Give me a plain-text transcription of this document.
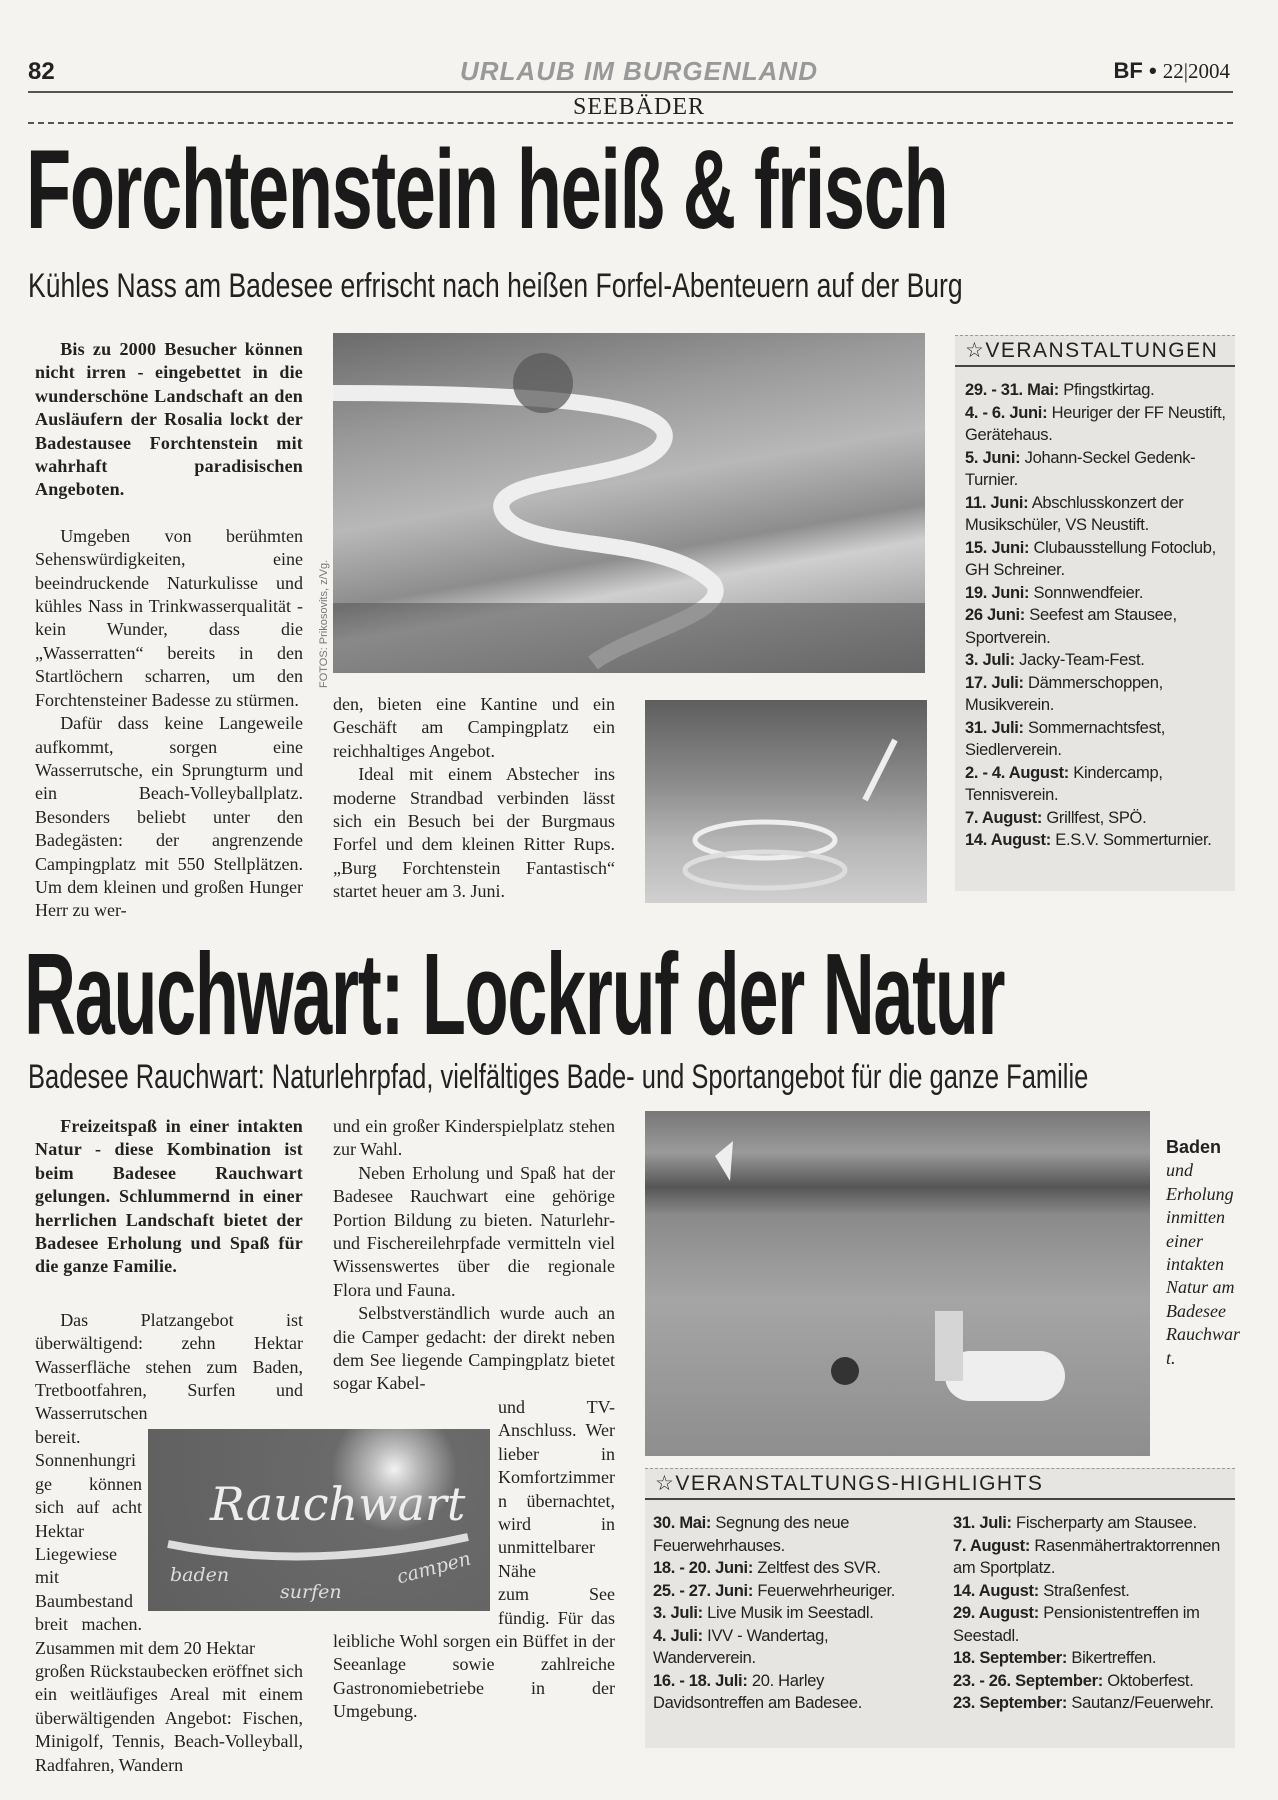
82	URLAUB IM BURGENLAND	BF • 22|2004
SEEBÄDER
Forchtenstein heiß & frisch
Kühles Nass am Badesee erfrischt nach heißen Forfel-Abenteuern auf der Burg

Bis zu 2000 Besucher können nicht irren - eingebettet in die wunderschöne Landschaft an den Ausläufern der Rosalia lockt der Badestausee Forchtenstein mit wahrhaft paradisischen Angeboten.

Umgeben von berühmten Sehenswürdigkeiten, eine beeindruckende Naturkulisse und kühles Nass in Trinkwasserqualität - kein Wunder, dass die „Wasserratten“ bereits in den Startlöchern scharren, um den Forchtensteiner Badesse zu stürmen.

Dafür dass keine Langeweile aufkommt, sorgen eine Wasserrutsche, ein Sprungturm und ein Beach-Volleyballplatz. Besonders beliebt unter den Badegästen: der angrenzende Campingplatz mit 550 Stellplätzen. Um dem kleinen und großen Hunger Herr zu wer-

FOTOS: Prikosovits, z/Vg.

den, bieten eine Kantine und ein Geschäft am Campingplatz ein reichhaltiges Angebot.

Ideal mit einem Abstecher ins moderne Strandbad verbinden lässt sich ein Besuch bei der Burgmaus Forfel und dem kleinen Ritter Rups. „Burg Forchtenstein Fantastisch“ startet heuer am 3. Juni.

☆VERANSTALTUNGEN
29. - 31. Mai: Pfingstkirtag.
4. - 6. Juni: Heuriger der FF Neustift, Gerätehaus.
5. Juni: Johann-Seckel Gedenk-Turnier.
11. Juni: Abschlusskonzert der Musikschüler, VS Neustift.
15. Juni: Clubausstellung Fotoclub, GH Schreiner.
19. Juni: Sonnwendfeier.
26 Juni: Seefest am Stausee, Sportverein.
3. Juli: Jacky-Team-Fest.
17. Juli: Dämmerschoppen, Musikverein.
31. Juli: Sommernachtsfest, Siedlerverein.
2. - 4. August: Kindercamp, Tennisverein.
7. August: Grillfest, SPÖ.
14. August: E.S.V. Sommerturnier.
Rauchwart: Lockruf der Natur
Badesee Rauchwart: Naturlehrpfad, vielfältiges Bade- und Sportangebot für die ganze Familie

Freizeitspaß in einer intakten Natur - diese Kombination ist beim Badesee Rauchwart gelungen. Schlummernd in einer herrlichen Landschaft bietet der Badesee Erholung und Spaß für die ganze Familie.

Das Platzangebot ist überwältigend: zehn Hektar Wasserfläche stehen zum Baden, Tretbootfahren, Surfen und Wasserrutschen

bereit. Sonnenhungrige können sich auf acht Hektar Liegewiese mit Baumbestand breit machen. Zusammen mit dem 20 Hektar

großen Rückstaubecken eröffnet sich ein weitläufiges Areal mit einem überwältigenden Angebot: Fischen, Minigolf, Tennis, Beach-Volleyball, Radfahren, Wandern

und ein großer Kinderspielplatz stehen zur Wahl.

Neben Erholung und Spaß hat der Badesee Rauchwart eine gehörige Portion Bildung zu bieten. Naturlehr- und Fischereilehrpfade vermitteln viel Wissenswertes über die regionale Flora und Fauna.

Selbstverständlich wurde auch an die Camper gedacht: der direkt neben dem See liegende Campingplatz bietet sogar Kabel-

und TV-Anschluss. Wer lieber in Komfortzimmern übernachtet, wird in unmittelbarer Nähe

zum See fündig. Für das leibliche Wohl sorgen ein Büffet in der Seeanlage sowie zahlreiche Gastronomiebetriebe in der Umgebung.

Rauchwart
baden
surfen
campen
Baden
und Erholung inmitten einer intakten Natur am Badesee Rauchwart.
☆VERANSTALTUNGS-HIGHLIGHTS
30. Mai: Segnung des neue Feuerwehrhauses.
18. - 20. Juni: Zeltfest des SVR.
25. - 27. Juni: Feuerwehrheuriger.
3. Juli: Live Musik im Seestadl.
4. Juli: IVV - Wandertag, Wanderverein.
16. - 18. Juli: 20. Harley Davidsontreffen am Badesee.
31. Juli: Fischerparty am Stausee.
7. August: Rasenmähertraktorrennen am Sportplatz.
14. August: Straßenfest.
29. August: Pensionistentreffen im Seestadl.
18. September: Bikertreffen.
23. - 26. September: Oktoberfest.
23. September: Sautanz/Feuerwehr.
